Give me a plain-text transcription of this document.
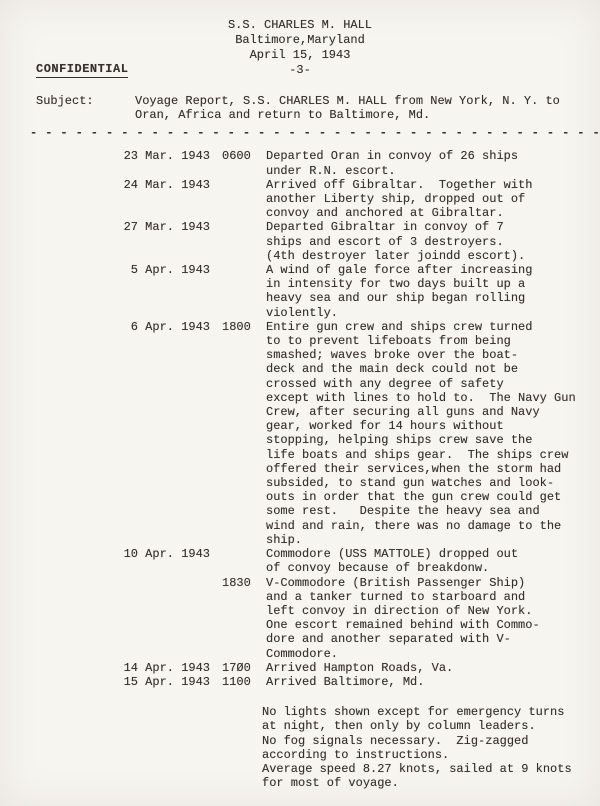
S.S. CHARLES M. HALL
Baltimore,Maryland
April 15, 1943
-3-
CONFIDENTIAL
Subject:	Voyage Report, S.S. CHARLES M. HALL from New York, N. Y. to
Oran, Africa and return to Baltimore, Md.
- - - - - - - - - - - - - - - - - - - - - - - - - - - - - - - - - - - - - -
23 Mar. 1943 0600 Departed Oran in convoy of 26 ships
under R.N. escort.
24 Mar. 1943	Arrived off Gibraltar.  Together with
another Liberty ship, dropped out of
convoy and anchored at Gibraltar.
27 Mar. 1943	Departed Gibraltar in convoy of 7
ships and escort of 3 destroyers.
(4th destroyer later joindd escort).
5 Apr. 1943	A wind of gale force after increasing
in intensity for two days built up a
heavy sea and our ship began rolling
violently.
6 Apr. 1943 1800 Entire gun crew and ships crew turned
to to prevent lifeboats from being
smashed; waves broke over the boat-
deck and the main deck could not be
crossed with any degree of safety
except with lines to hold to.  The Navy Gun
Crew, after securing all guns and Navy
gear, worked for 14 hours without
stopping, helping ships crew save the
life boats and ships gear.  The ships crew
offered their services,when the storm had
subsided, to stand gun watches and look-
outs in order that the gun crew could get
some rest.   Despite the heavy sea and
wind and rain, there was no damage to the
ship.
10 Apr. 1943	Commodore (USS MATTOLE) dropped out
of convoy because of breakdonw.
1830 V-Commodore (British Passenger Ship)
and a tanker turned to starboard and
left convoy in direction of New York.
One escort remained behind with Commo-
dore and another separated with V-
Commodore.
14 Apr. 1943 17Ø0 Arrived Hampton Roads, Va.
15 Apr. 1943 1100 Arrived Baltimore, Md.
No lights shown except for emergency turns
at night, then only by column leaders.
No fog signals necessary.  Zig-zagged
according to instructions.
Average speed 8.27 knots, sailed at 9 knots
for most of voyage.
